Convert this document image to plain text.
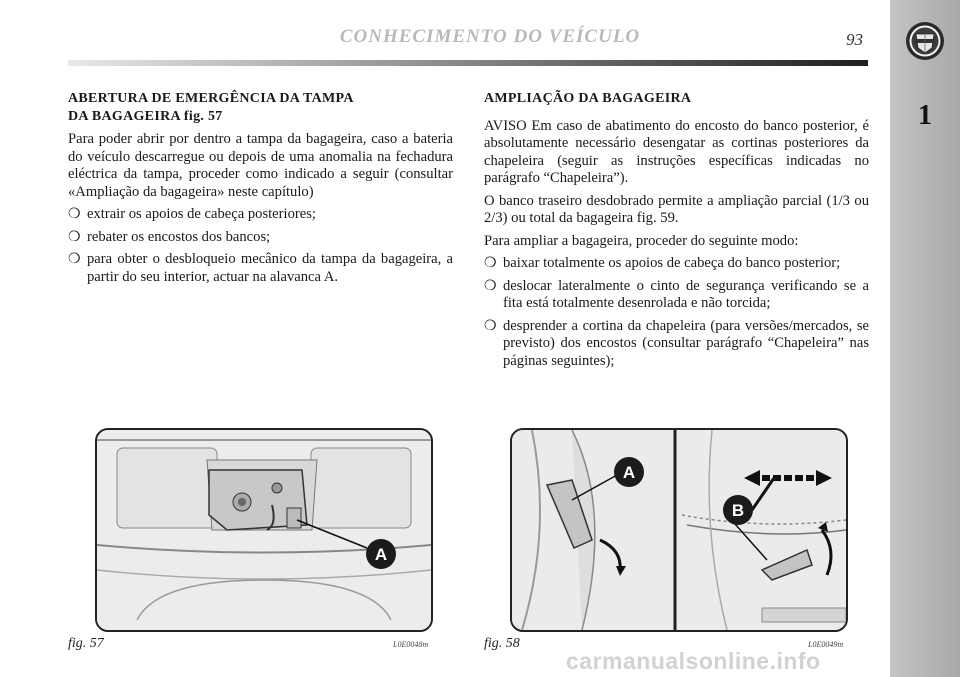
CONHECIMENTO DO VEÍCULO	93
1
ABERTURA DE EMERGÊNCIA DA TAMPA
DA BAGAGEIRA fig. 57

Para poder abrir por dentro a tampa da bagageira, caso a bateria do veículo descarregue ou depois de uma anomalia na fechadura eléctrica da tampa, proceder como indicado a seguir (consultar «Ampliação da bagageira» neste capítulo)

❍ extrair os apoios de cabeça posteriores;
❍ rebater os encostos dos bancos;
❍ para obter o desbloqueio mecânico da tampa da bagageira, a partir do seu interior, actuar na alavanca A.
AMPLIAÇÃO DA BAGAGEIRA

AVISO Em caso de abatimento do encosto do banco posterior, é absolutamente necessário desengatar as cortinas posteriores da chapeleira (seguir as instruções específicas indicadas no parágrafo “Chapeleira”).

O banco traseiro desdobrado permite a ampliação parcial (1/3 ou 2/3) ou total da bagageira fig. 59.

Para ampliar a bagageira, proceder do seguinte modo:

❍ baixar totalmente os apoios de cabeça do banco posterior;
❍ deslocar lateralmente o cinto de segurança verificando se a fita está totalmente desenrolada e não torcida;
❍ desprender a cortina da chapeleira (para versões/mercados, se previsto) dos encostos (consultar parágrafo “Chapeleira” nas páginas seguintes);
A
fig. 57	L0E0048m
A
B
fig. 58	L0E0049m
carmanualsonline.info
